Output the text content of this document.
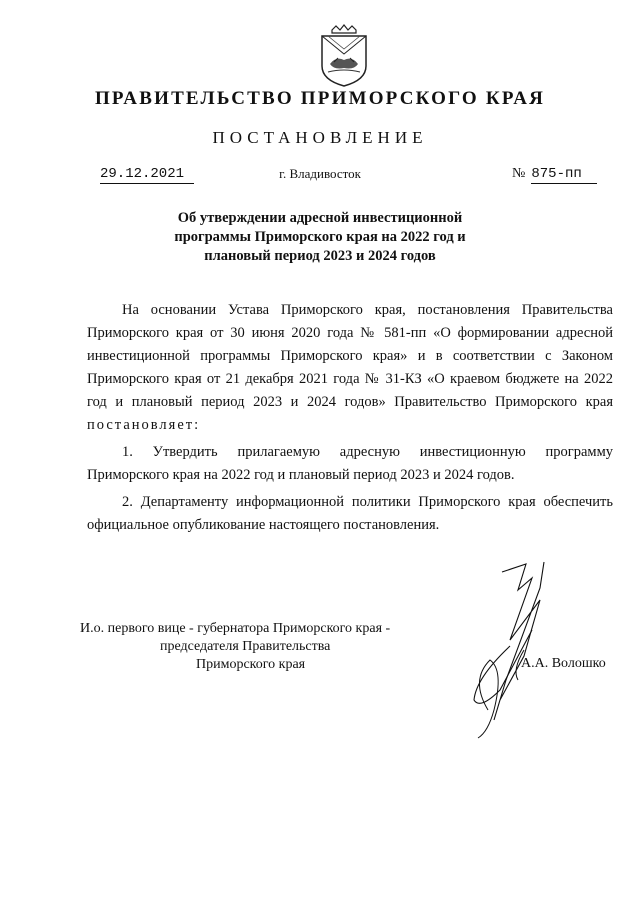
ПРАВИТЕЛЬСТВО ПРИМОРСКОГО КРАЯ
ПОСТАНОВЛЕНИЕ
29.12.2021	г. Владивосток	№ 875-пп
Об утверждении адресной инвестиционной
программы Приморского края на 2022 год и
плановый период 2023 и 2024 годов

На основании Устава Приморского края, постановления Правительства Приморского края от 30 июня 2020 года № 581-пп «О формировании адресной инвестиционной программы Приморского края» и в соответствии с Законом Приморского края от 21 декабря 2021 года № 31-КЗ «О краевом бюджете на 2022 год и плановый период 2023 и 2024 годов» Правительство Приморского края постановляет:

1. Утвердить прилагаемую адресную инвестиционную программу Приморского края на 2022 год и плановый период 2023 и 2024 годов.

2. Департаменту информационной политики Приморского края обеспечить официальное опубликование настоящего постановления.

И.о. первого вице - губернатора Приморского края -
председателя Правительства
Приморского края	А.А. Волошко
